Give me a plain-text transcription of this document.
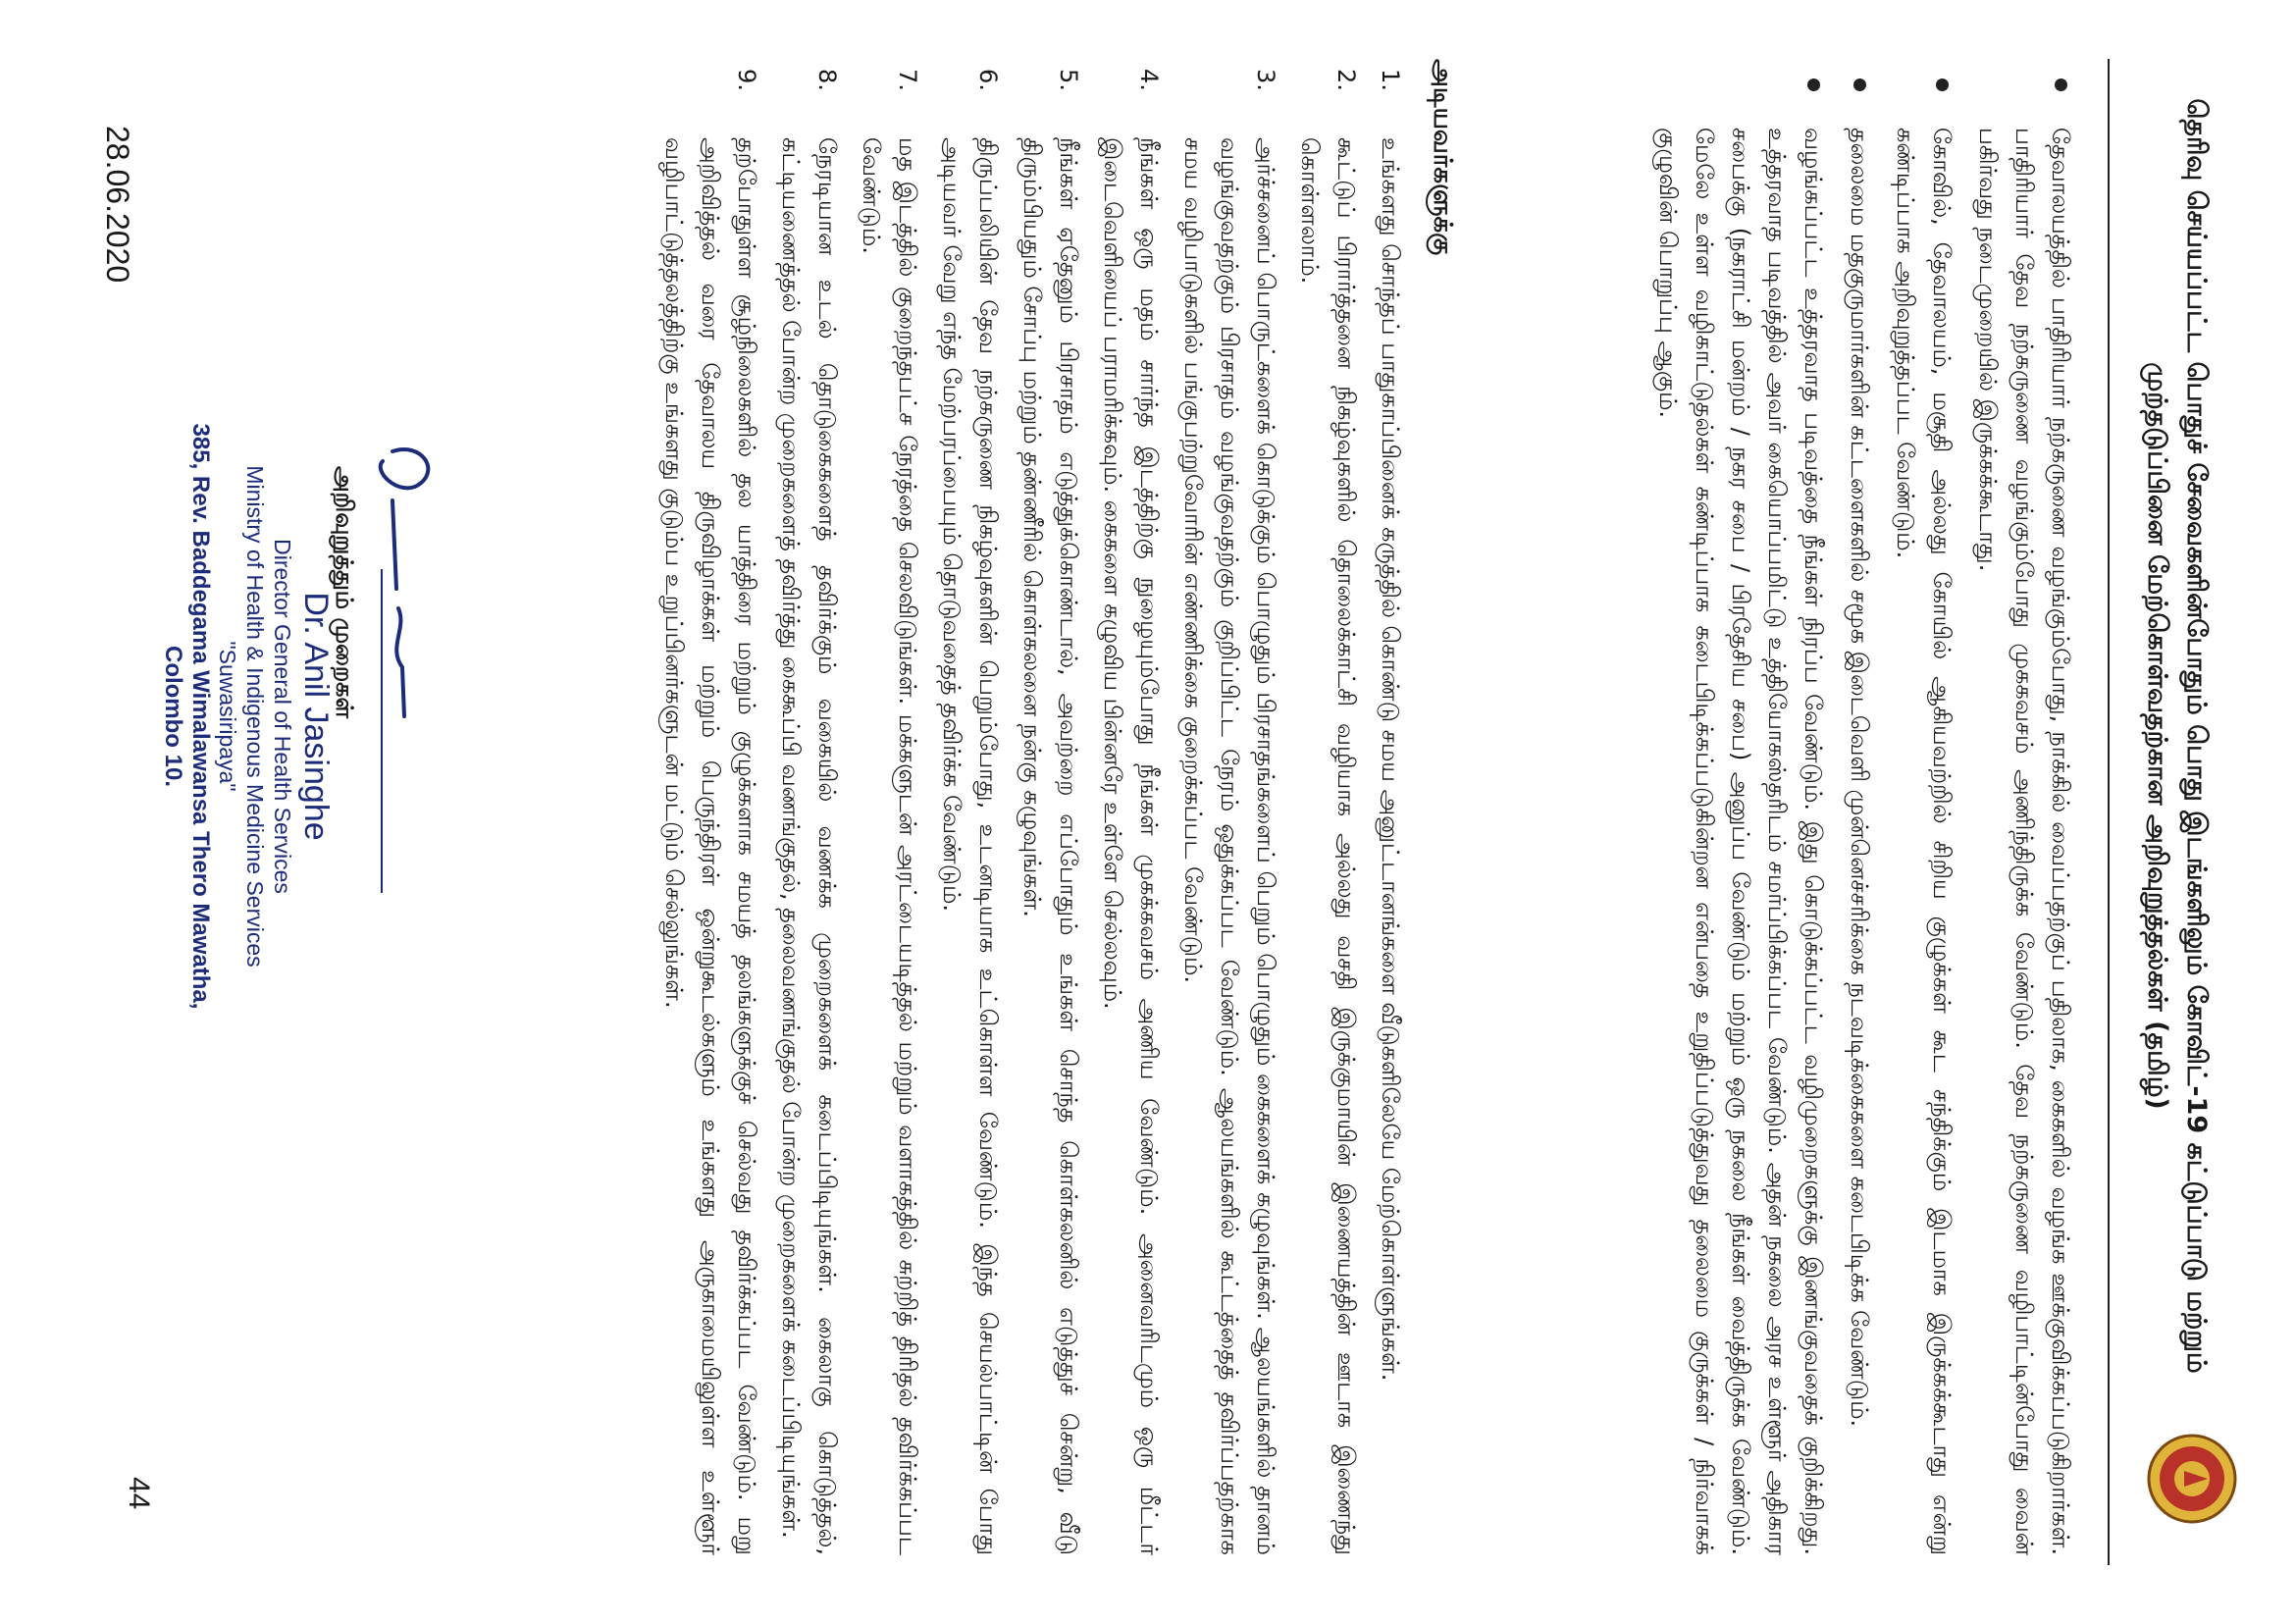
தெரிவு செய்யப்பட்ட பொதுச் சேவைகளின்போதும் பொது இடங்களிலும் கோவிட்-19 கட்டுப்பாடு மற்றும் முற்தடுப்பினை மேற்கொள்வதற்கான அறிவுறுத்தல்கள் (தமிழ்)
தேவாலயத்தில் பாதிரியார் நற்கருணை வழங்கும்போது, நாக்கில் வைப்பதற்குப் பதிலாக, கைகளில் வழங்க ஊக்குவிக்கப்படுகிறார்கள். பாதிரியார் தேவ நற்கருணை வழங்கும்போது முககவசம் அணிந்திருக்க வேண்டும். தேவ நற்கருணை வழிபாட்டின்போது வைன் பகிர்வது நடைமுறையில் இருக்கக்கூடாது.
கோவில், தேவாலயம், மசூதி அல்லது கோயில் ஆகியவற்றில் சிறிய குழுக்கள் கூட சந்திக்கும் இடமாக இருக்கக்கூடாது என்று கண்டிப்பாக அறிவுறுத்தப்பட வேண்டும்.
தலைமை மதகுருமார்களின் கட்டளைகளில் சமூக இடைவெளி முன்னெச்சரிக்கை நடவடிக்கைகளை கடைபிடிக்க வேண்டும்.
வழங்கப்பட்ட உத்தரவாத படிவத்தை நீங்கள் நிரப்ப வேண்டும். இது கொடுக்கப்பட்ட வழிமுறைகளுக்கு இணங்குவதைக் குறிக்கிறது. உத்தரவாத படிவத்தில் அவர் கையொப்பமிட்டு உத்தியோகஸ்தரிடம் சமர்ப்பிக்கப்பட வேண்டும். அதன் நகலை அரச உள்ளூர் அதிகார சபைக்கு (நகராட்சி மன்றம் / நகர சபை / பிரதேசிய சபை) அனுப்ப வேண்டும் மற்றும் ஒரு நகலை நீங்கள் வைத்திருக்க வேண்டும். மேலே உள்ள வழிகாட்டுதல்கள் கண்டிப்பாக கடைபிடிக்கப்படுகின்றன என்பதை உறுதிப்படுத்துவது தலைமை குருக்கள் / நிர்வாகக் குழுவின் பொறுப்பு ஆகும்.
அடியவர்களுக்கு
1.
உங்களது சொந்தப் பாதுகாப்பினைக் கருத்தில் கொண்டு சமய அனுட்டானங்களை வீடுகளிலேயே மேற்கொள்ளுங்கள்.
2.
கூட்டுப் பிரார்த்தனை நிகழ்வுகளில் தொலைக்காட்சி வழியாக அல்லது வசதி இருக்குமாயின் இணையத்தின் ஊடாக இணைந்து கொள்ளலாம்.
3.
அர்ச்சனைப் பொருட்களைக் கொடுக்கும் பொழுதும் பிரசாதங்களைப் பெறும் பொழுதும் கைகளைக் கழுவுங்கள். ஆலயங்களில் தானம் வழங்குவதற்கும் பிரசாதம் வழங்குவதற்கும் குறிப்பிட்ட நேரம் ஒதுக்கப்பட வேண்டும். ஆலயங்களில் கூட்டத்தைத் தவிர்ப்பதற்காக சமய வழிபாடுகளில் பங்குபற்றுவோரின் எண்ணிக்கை குறைக்கப்பட வேண்டும்.
4.
நீங்கள் ஒரு மதம் சார்ந்த இடத்திற்கு நுழையும்போது நீங்கள் முகக்கவசம் அணிய வேண்டும். அனைவரிடமும் ஒரு மீட்டர் இடைவெளியைப் பராமரிக்கவும். கைகளை கழுவிய பின்னரே உள்ளே செல்லவும்.
5.
நீங்கள் ஏதேனும் பிரசாதம் எடுத்துக்கொண்டால், அவற்றை எப்போதும் உங்கள் சொந்த கொள்கலனில் எடுத்துச் சென்று, வீடு திரும்பியதும் சோப்பு மற்றும் தண்ணீரில் கொள்கலனை நன்கு கழுவுங்கள்.
6.
திருப்பலியின் தேவ நற்கருணை நிகழ்வுகளின் பெறும்போது, உடனடியாக உட்கொள்ள வேண்டும். இந்த செயல்பாட்டின் போது அடியவர் வேறு எந்த மேற்பரப்பையும் தொடுவதைத் தவிர்க்க வேண்டும்.
7.
மத இடத்தில் குறைந்தபட்ச நேரத்தை செலவிடுங்கள். மக்களுடன் அரட்டையடித்தல் மற்றும் வளாகத்தில் சுற்றித் திரிதல் தவிர்க்கப்பட வேண்டும்.
8.
நேரடியான உடல் தொடுகைகளைத் தவிர்க்கும் வகையில் வணக்க முறைகளைக் கடைப்பிடியுங்கள். கைலாகு கொடுத்தல், கட்டியணைத்தல் போன்ற முறைகளைத் தவிர்த்து கைகூப்பி வணங்குதல், தலைவணங்குதல் போன்ற முறைகளைக் கடைப்பிடியுங்கள்.
9.
தற்போதுள்ள சூழ்நிலைகளில் தல யாத்திரை மற்றும் குழுக்களாக சமயத் தலங்களுக்குச் செல்வது தவிர்க்கப்பட வேண்டும். மறு அறிவித்தல் வரை தேவாலய திருவிழாக்கள் மற்றும் பெருந்திரள் ஒன்றுகூடல்களும் உங்களது அருகாமையிலுள்ள உள்ளூர் வழிபாட்டுத்தலத்திற்கு உங்களது குடும்ப உறுப்பினர்களுடன் மட்டும் செல்லுங்கள்.
அறிவுறுத்தும் முறைகள்
Dr. Anil Jasinghe
Director General of Health Services
Ministry of Health & Indigenous Medicine Services
"Suwasiripaya"
385, Rev. Baddegama Wimalawansa Thero Mawatha,
Colombo 10.
28.06.2020
44
